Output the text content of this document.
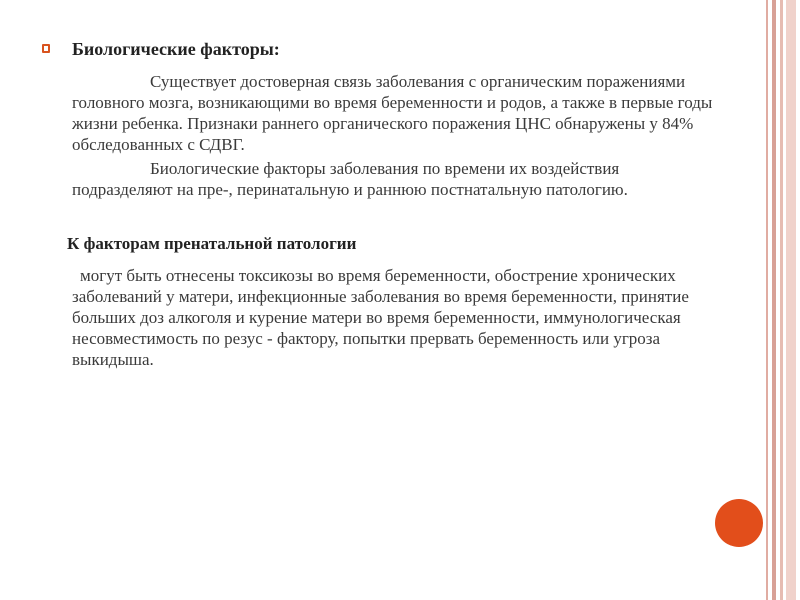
Биологические факторы:

Существует достоверная связь заболевания с органическим поражениями головного мозга, возникающими во время беременности и родов, а также в первые годы жизни ребенка. Признаки раннего органического поражения ЦНС обнаружены у 84% обследованных с СДВГ.

Биологические факторы заболевания по времени их воздействия подразделяют на пре-, перинатальную и раннюю постнатальную патологию.

К факторам пренатальной патологии

могут быть отнесены токсикозы во время беременности, обострение хронических заболеваний у матери, инфекционные заболевания во время беременности, принятие больших доз алкоголя и курение матери во время беременности, иммунологическая несовместимость по резус - фактору, попытки прервать беременность или угроза выкидыша.
